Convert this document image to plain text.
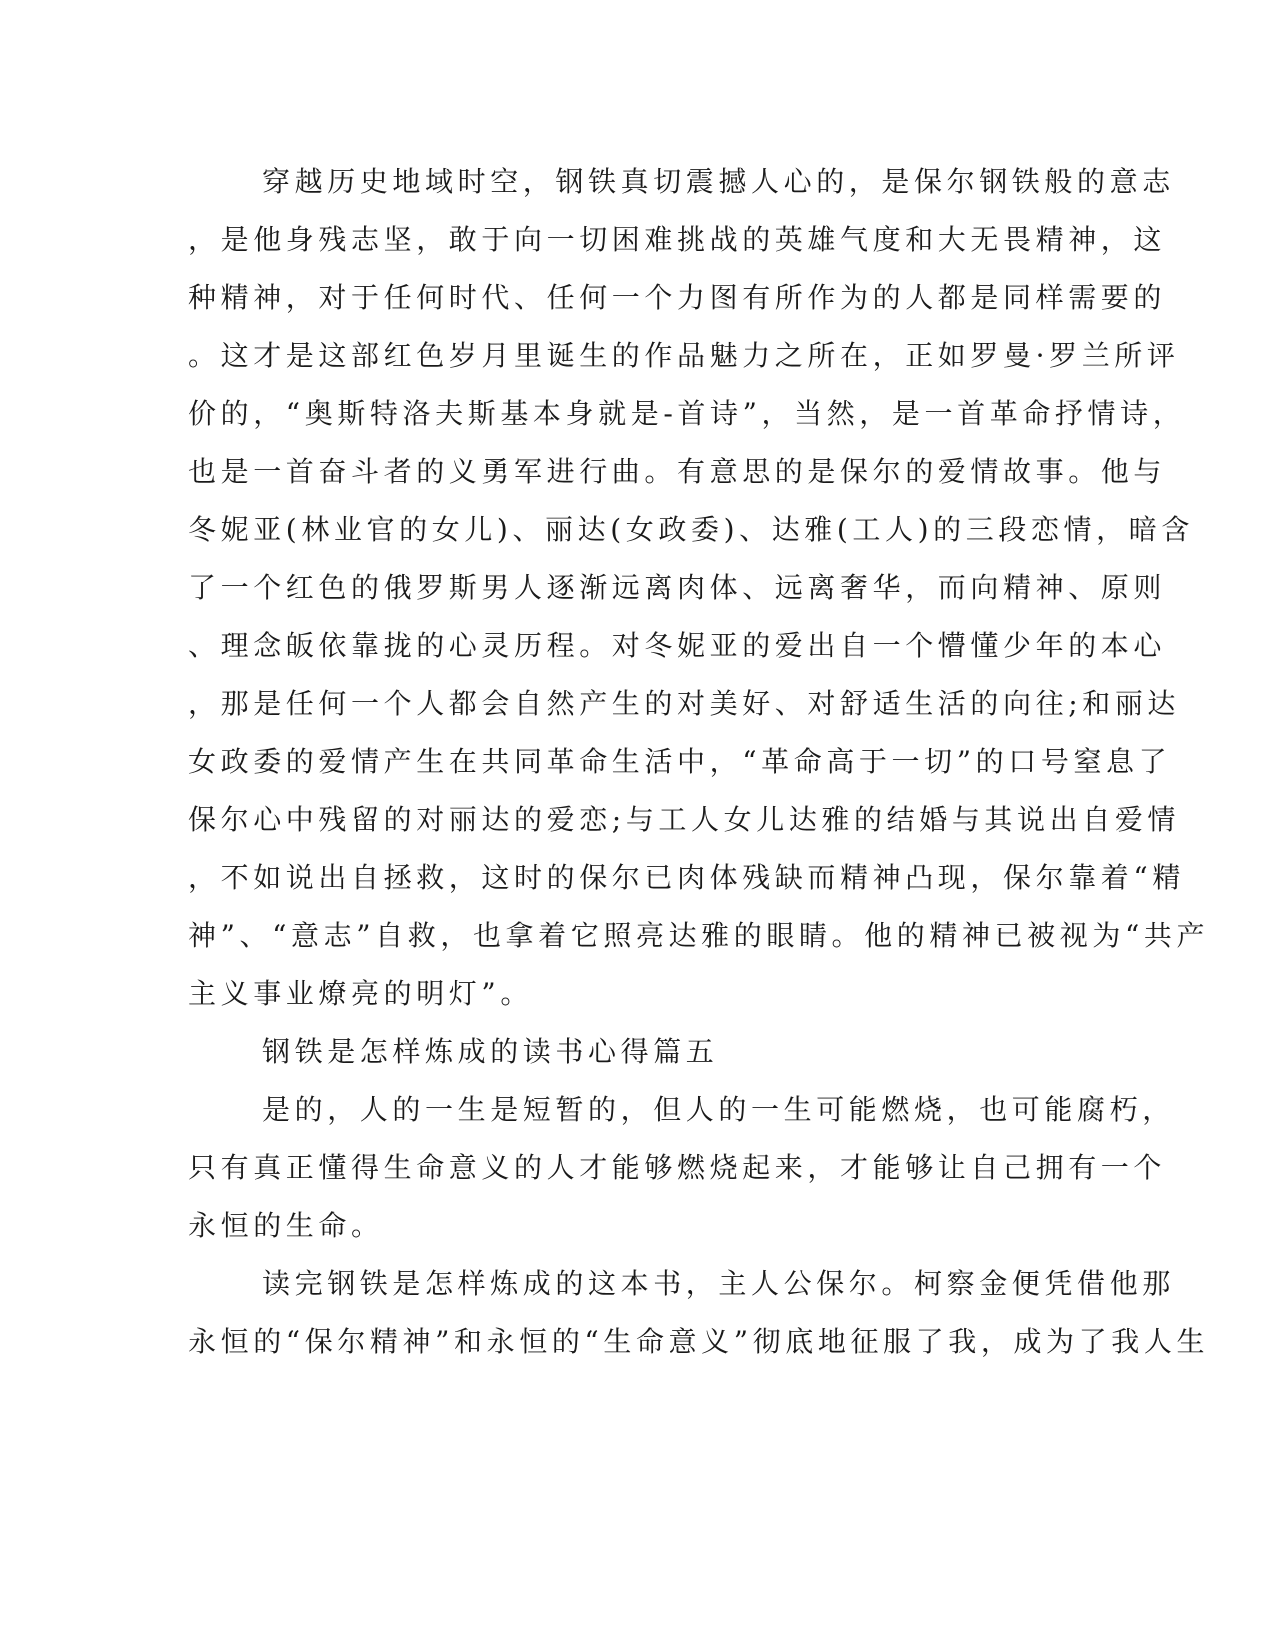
穿越历史地域时空，钢铁真切震撼人心的，是保尔钢铁般的意志
，是他身残志坚，敢于向一切困难挑战的英雄气度和大无畏精神，这
种精神，对于任何时代、任何一个力图有所作为的人都是同样需要的
。这才是这部红色岁月里诞生的作品魅力之所在，正如罗曼·罗兰所评
价的，“奥斯特洛夫斯基本身就是-首诗”，当然，是一首革命抒情诗，
也是一首奋斗者的义勇军进行曲。有意思的是保尔的爱情故事。他与
冬妮亚(林业官的女儿)、丽达(女政委)、达雅(工人)的三段恋情，暗含
了一个红色的俄罗斯男人逐渐远离肉体、远离奢华，而向精神、原则
、理念皈依靠拢的心灵历程。对冬妮亚的爱出自一个懵懂少年的本心
，那是任何一个人都会自然产生的对美好、对舒适生活的向往;和丽达
女政委的爱情产生在共同革命生活中，“革命高于一切”的口号窒息了
保尔心中残留的对丽达的爱恋;与工人女儿达雅的结婚与其说出自爱情
，不如说出自拯救，这时的保尔已肉体残缺而精神凸现，保尔靠着“精
神”、“意志”自救，也拿着它照亮达雅的眼睛。他的精神已被视为“共产
主义事业燎亮的明灯”。
钢铁是怎样炼成的读书心得篇五
是的，人的一生是短暂的，但人的一生可能燃烧，也可能腐朽，
只有真正懂得生命意义的人才能够燃烧起来，才能够让自己拥有一个
永恒的生命。
读完钢铁是怎样炼成的这本书，主人公保尔。柯察金便凭借他那
永恒的“保尔精神”和永恒的“生命意义”彻底地征服了我，成为了我人生
